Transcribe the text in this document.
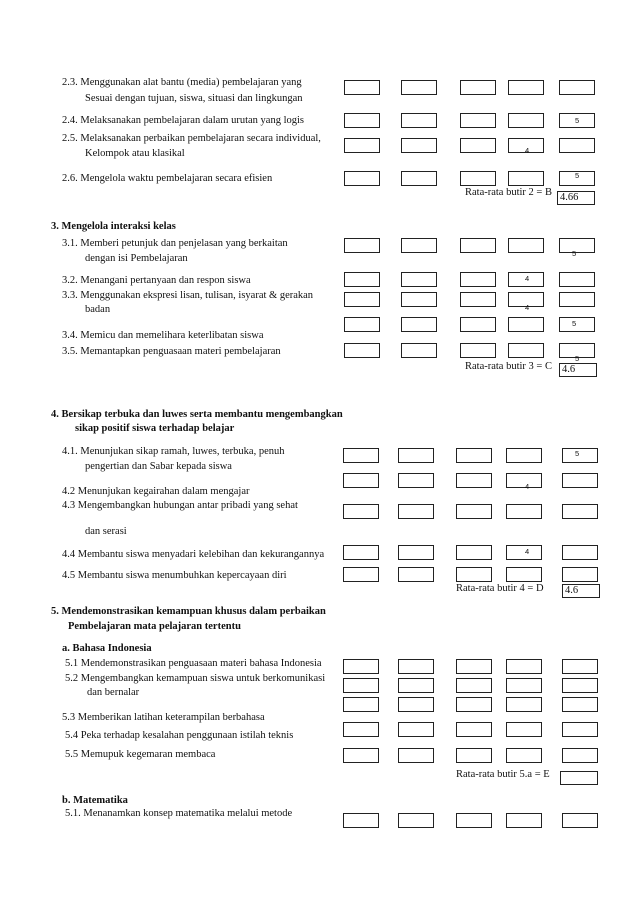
2.3. Menggunakan alat bantu (media) pembelajaran yang
Sesuai dengan tujuan, siswa, situasi dan lingkungan
2.4. Melaksanakan pembelajaran dalam urutan yang logis
2.5. Melaksanakan perbaikan pembelajaran secara individual,
Kelompok atau klasikal
2.6. Mengelola waktu pembelajaran secara efisien
Rata-rata butir 2 = B 4.66
3. Mengelola interaksi kelas
3.1. Memberi petunjuk dan penjelasan yang berkaitan
dengan isi Pembelajaran
3.2. Menangani pertanyaan dan respon siswa
3.3. Menggunakan ekspresi lisan, tulisan, isyarat & gerakan
badan
3.4. Memicu dan memelihara keterlibatan siswa
3.5. Memantapkan penguasaan materi pembelajaran
Rata-rata butir 3 = C 4.6
4. Bersikap terbuka dan luwes serta membantu mengembangkan
sikap positif siswa terhadap belajar
4.1. Menunjukan sikap ramah, luwes, terbuka, penuh
pengertian dan Sabar kepada siswa
4.2 Menunjukan kegairahan dalam mengajar
4.3 Mengembangkan hubungan antar pribadi yang sehat
dan serasi
4.4 Membantu siswa menyadari kelebihan dan kekurangannya
4.5 Membantu siswa menumbuhkan kepercayaan diri
Rata-rata butir 4 = D 4.6
5. Mendemonstrasikan kemampuan khusus dalam perbaikan
Pembelajaran mata pelajaran tertentu
a. Bahasa Indonesia
5.1 Mendemonstrasikan penguasaan materi bahasa Indonesia
5.2 Mengembangkan kemampuan siswa untuk berkomunikasi
dan bernalar
5.3 Memberikan latihan keterampilan berbahasa
5.4 Peka terhadap kesalahan penggunaan istilah teknis
5.5 Memupuk kegemaran membaca
Rata-rata butir 5.a = E
b. Matematika
5.1. Menanamkan konsep matematika melalui metode
5
4
5
5
4
4
5
5
5
4
4
